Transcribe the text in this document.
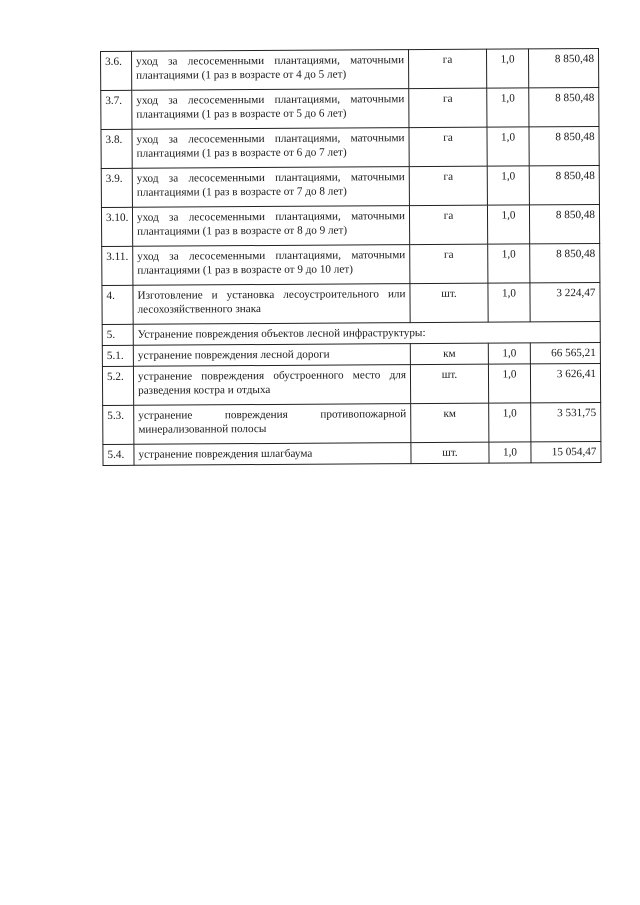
3.6.	уход за лесосеменными плантациями, маточными плантациями (1 раз в возрасте от 4 до 5 лет)	га	1,0	8 850,48
3.7.	уход за лесосеменными плантациями, маточными плантациями (1 раз в возрасте от 5 до 6 лет)	га	1,0	8 850,48
3.8.	уход за лесосеменными плантациями, маточными плантациями (1 раз в возрасте от 6 до 7 лет)	га	1,0	8 850,48
3.9.	уход за лесосеменными плантациями, маточными плантациями (1 раз в возрасте от 7 до 8 лет)	га	1,0	8 850,48
3.10.	уход за лесосеменными плантациями, маточными плантациями (1 раз в возрасте от 8 до 9 лет)	га	1,0	8 850,48
3.11.	уход за лесосеменными плантациями, маточными плантациями (1 раз в возрасте от 9 до 10 лет)	га	1,0	8 850,48
4.	Изготовление и установка лесоустроительного или лесохозяйственного знака	шт.	1,0	3 224,47
5.	Устранение повреждения объектов лесной инфраструктуры:			
5.1.	устранение повреждения лесной дороги	км	1,0	66 565,21
5.2.	устранение повреждения обустроенного место для разведения костра и отдыха	шт.	1,0	3 626,41
5.3.	устранение повреждения противопожарной минерализованной полосы	км	1,0	3 531,75
5.4.	устранение повреждения шлагбаума	шт.	1,0	15 054,47
